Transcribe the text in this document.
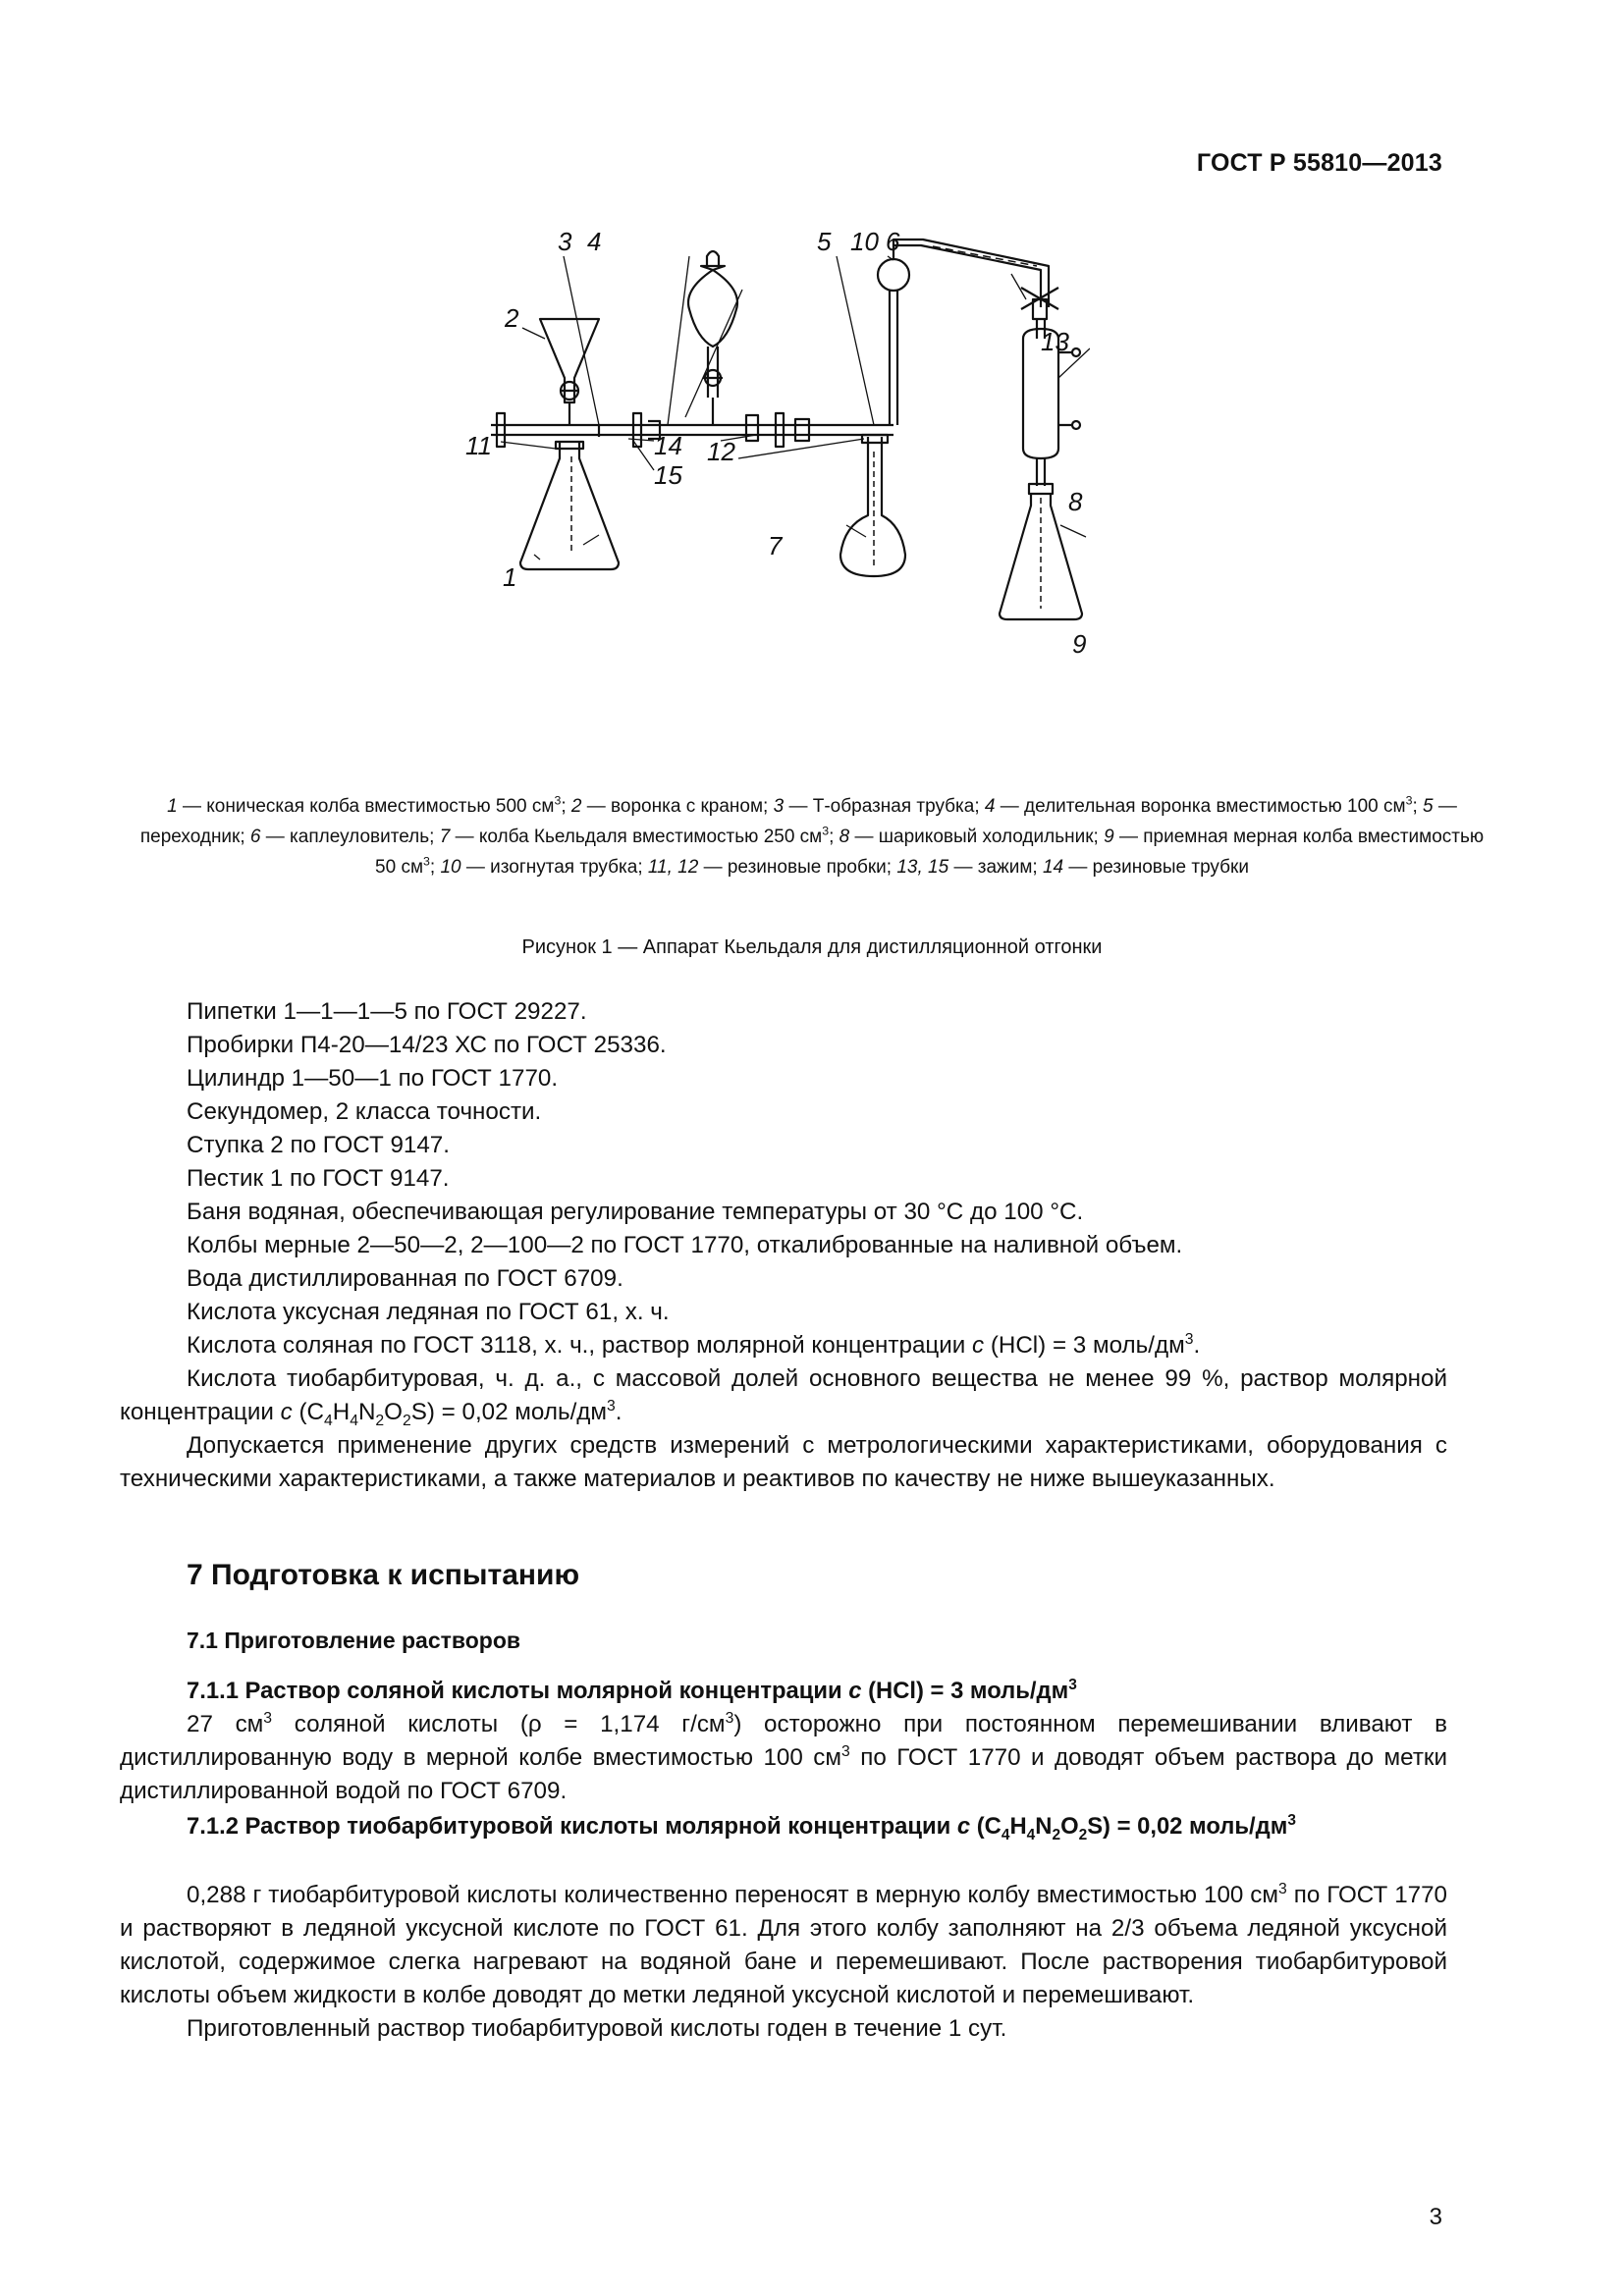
ГОСТ Р 55810—2013
3 4	5 10 6
2
13
11	14 12
15
8
7
1
9
1 — коническая колба вместимостью 500 $см^3$; 2 — воронка с краном; 3 — Т-образная трубка; 4 — делительная воронка вместимостью 100 $см^3$; 5 — переходник; 6 — каплеуловитель; 7 — колба Кьельдаля вместимостью 250 $см^3$; 8 — шариковый холодильник; 9 — приемная мерная колба вместимостью 50 $см^3$; 10 — изогнутая трубка; 11, 12 — резиновые пробки; 13, 15 — зажим; 14 — резиновые трубки
Рисунок 1 — Аппарат Кьельдаля для дистилляционной отгонки

Пипетки 1—1—1—5 по ГОСТ 29227.

Пробирки П4-20—14/23 ХС по ГОСТ 25336.

Цилиндр 1—50—1 по ГОСТ 1770.

Секундомер, 2 класса точности.

Ступка 2 по ГОСТ 9147.

Пестик 1 по ГОСТ 9147.

Баня водяная, обеспечивающая регулирование температуры от 30 °С до 100 °С.

Колбы мерные 2—50—2, 2—100—2 по ГОСТ 1770, откалиброванные на наливной объем.

Вода дистиллированная по ГОСТ 6709.

Кислота уксусная ледяная по ГОСТ 61, х. ч.

Кислота соляная по ГОСТ 3118, х. ч., раствор молярной концентрации с (HCl) = 3 моль/$дм^3$.

Кислота тиобарбитуровая, ч. д. а., с массовой долей основного вещества не менее 99 %, раствор молярной концентрации с $(C_4H_4N_2O_2S) = 0,02$ моль/$дм^3$.

Допускается применение других средств измерений с метрологическими характеристиками, оборудования с техническими характеристиками, а также материалов и реактивов по качеству не ниже вышеуказанных.

7 Подготовка к испытанию
7.1 Приготовление растворов
7.1.1 Раствор соляной кислоты молярной концентрации с (HCl) = 3 моль/$дм^3$

27 $см^3$ соляной кислоты (ρ = 1,174 $г/см^3$) осторожно при постоянном перемешивании вливают в дистиллированную воду в мерной колбе вместимостью 100 $см^3$ по ГОСТ 1770 и доводят объем раствора до метки дистиллированной водой по ГОСТ 6709.

7.1.2 Раствор тиобарбитуровой кислоты молярной концентрации с $(C_4H_4N_2O_2S) = 0,02$ моль/$дм^3$

0,288 г тиобарбитуровой кислоты количественно переносят в мерную колбу вместимостью 100 $см^3$ по ГОСТ 1770 и растворяют в ледяной уксусной кислоте по ГОСТ 61. Для этого колбу заполняют на 2/3 объема ледяной уксусной кислотой, содержимое слегка нагревают на водяной бане и перемешивают. После растворения тиобарбитуровой кислоты объем жидкости в колбе доводят до метки ледяной уксусной кислотой и перемешивают.

Приготовленный раствор тиобарбитуровой кислоты годен в течение 1 сут.

3
